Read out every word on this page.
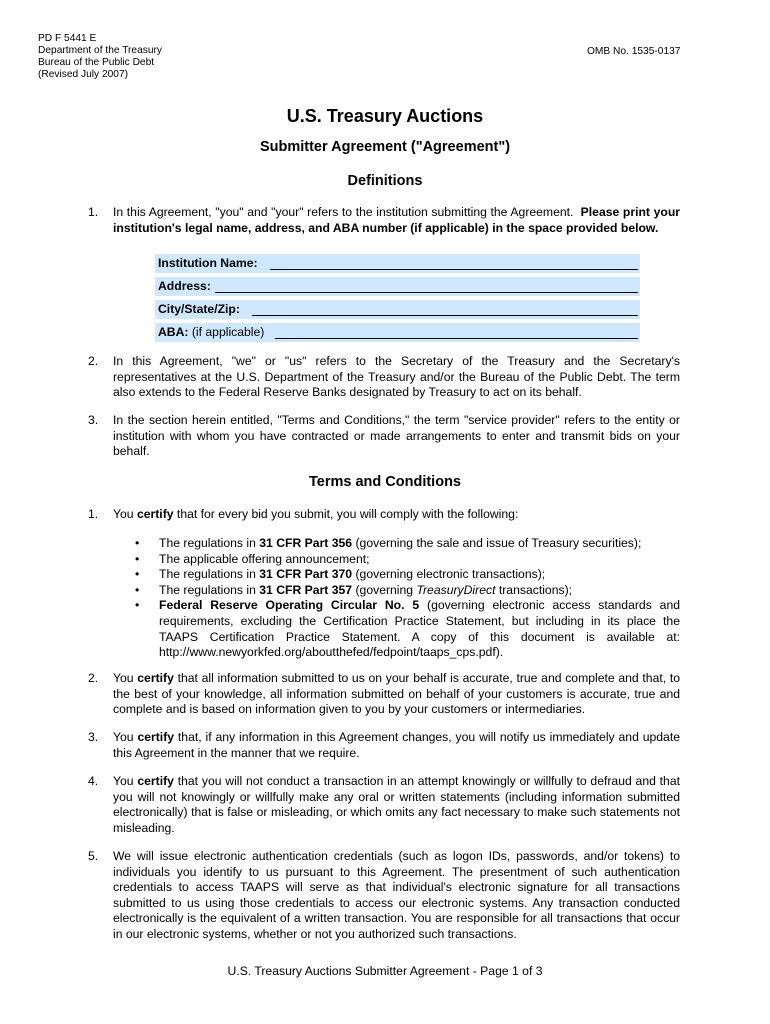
PD F 5441 E
Department of the Treasury
Bureau of the Public Debt
(Revised July 2007)
OMB No. 1535-0137
U.S. Treasury Auctions
Submitter Agreement ("Agreement")
Definitions
1.	In this Agreement, "you" and "your" refers to the institution submitting the Agreement. Please print your institution's legal name, address, and ABA number (if applicable) in the space provided below.
Institution Name:
Address:
City/State/Zip:
ABA: (if applicable)
2.	In this Agreement, "we" or "us" refers to the Secretary of the Treasury and the Secretary's representatives at the U.S. Department of the Treasury and/or the Bureau of the Public Debt. The term also extends to the Federal Reserve Banks designated by Treasury to act on its behalf.
3.	In the section herein entitled, "Terms and Conditions," the term "service provider" refers to the entity or institution with whom you have contracted or made arrangements to enter and transmit bids on your behalf.
Terms and Conditions
1.	You certify that for every bid you submit, you will comply with the following:
• The regulations in 31 CFR Part 356 (governing the sale and issue of Treasury securities);
• The applicable offering announcement;
• The regulations in 31 CFR Part 370 (governing electronic transactions);
• The regulations in 31 CFR Part 357 (governing TreasuryDirect transactions);
• Federal Reserve Operating Circular No. 5 (governing electronic access standards and requirements, excluding the Certification Practice Statement, but including in its place the TAAPS Certification Practice Statement. A copy of this document is available at: http://www.newyorkfed.org/aboutthefed/fedpoint/taaps_cps.pdf).
2.	You certify that all information submitted to us on your behalf is accurate, true and complete and that, to the best of your knowledge, all information submitted on behalf of your customers is accurate, true and complete and is based on information given to you by your customers or intermediaries.
3.	You certify that, if any information in this Agreement changes, you will notify us immediately and update this Agreement in the manner that we require.
4.	You certify that you will not conduct a transaction in an attempt knowingly or willfully to defraud and that you will not knowingly or willfully make any oral or written statements (including information submitted electronically) that is false or misleading, or which omits any fact necessary to make such statements not misleading.
5.	We will issue electronic authentication credentials (such as logon IDs, passwords, and/or tokens) to individuals you identify to us pursuant to this Agreement. The presentment of such authentication credentials to access TAAPS will serve as that individual's electronic signature for all transactions submitted to us using those credentials to access our electronic systems. Any transaction conducted electronically is the equivalent of a written transaction. You are responsible for all transactions that occur in our electronic systems, whether or not you authorized such transactions.
U.S. Treasury Auctions Submitter Agreement - Page 1 of 3
